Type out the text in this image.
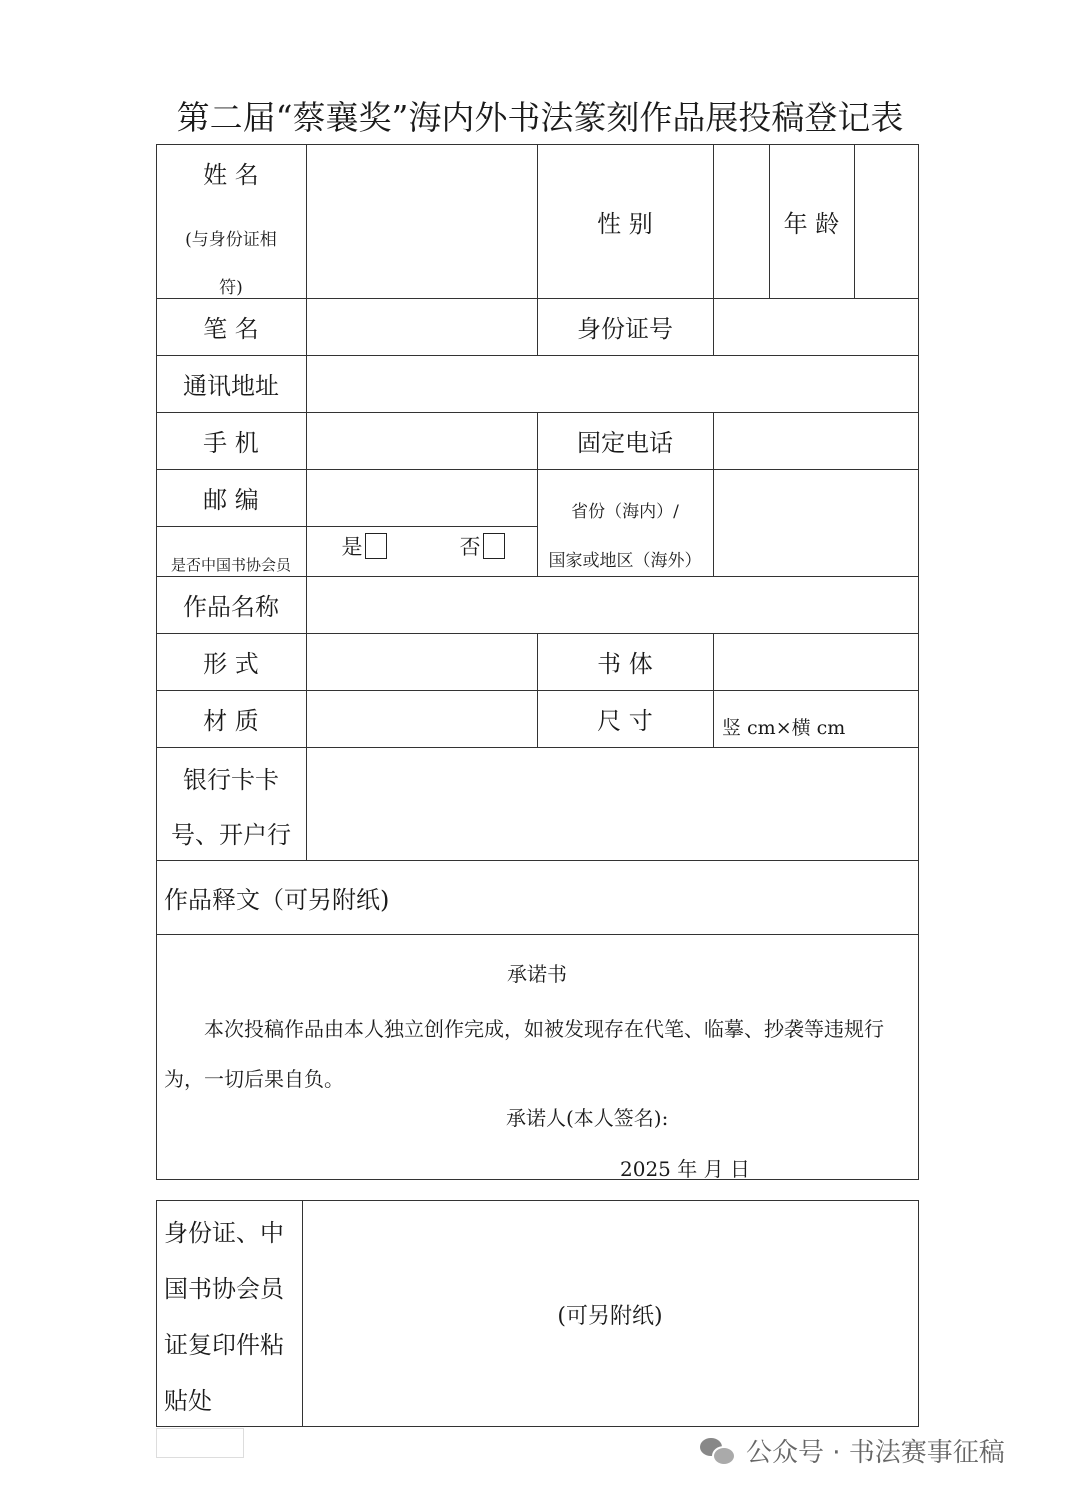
第二届“蔡襄奖”海内外书法篆刻作品展投稿登记表
姓 名
(与身份证相
符)
性 别	年 龄
笔 名	身份证号
通讯地址
手 机	固定电话
邮 编	省份（海内）/
国家或地区（海外）
是否中国书协会员
是	否
作品名称
形 式	书 体
材 质	尺 寸	竖 cm×横 cm
银行卡卡
号、开户行
作品释文（可另附纸)
承诺书
本次投稿作品由本人独立创作完成，如被发现存在代笔、临摹、抄袭等违规行为，一切后果自负。
承诺人(本人签名):
2025 年 月 日
身份证、中
国书协会员
证复印件粘
贴处
(可另附纸)
公众号 · 书法赛事征稿
